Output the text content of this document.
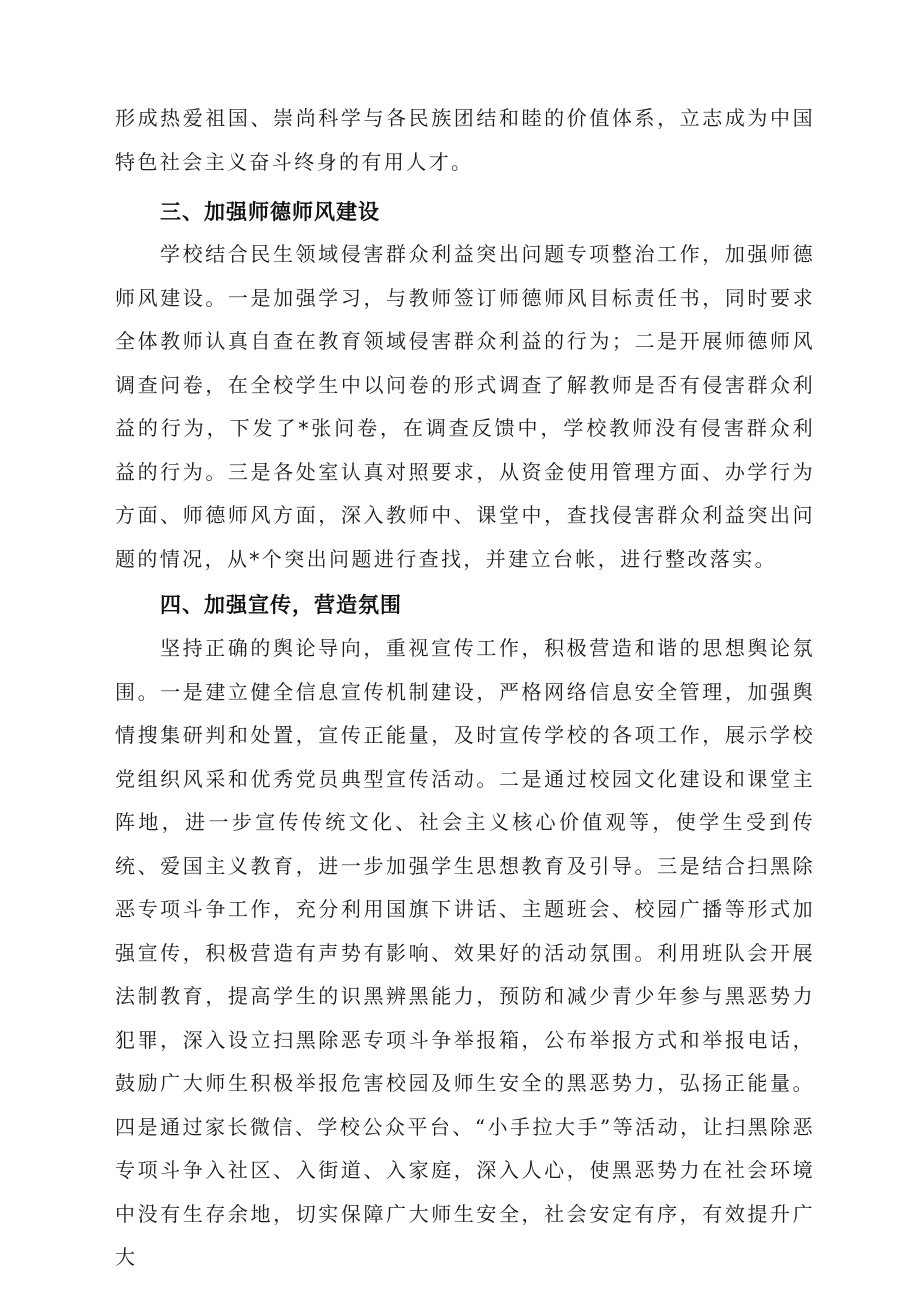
形成热爱祖国、崇尚科学与各民族团结和睦的价值体系，立志成为中国特色社会主义奋斗终身的有用人才。

三、加强师德师风建设

学校结合民生领域侵害群众利益突出问题专项整治工作，加强师德师风建设。一是加强学习，与教师签订师德师风目标责任书，同时要求全体教师认真自查在教育领域侵害群众利益的行为；二是开展师德师风调查问卷，在全校学生中以问卷的形式调查了解教师是否有侵害群众利益的行为，下发了*张问卷，在调查反馈中，学校教师没有侵害群众利益的行为。三是各处室认真对照要求，从资金使用管理方面、办学行为方面、师德师风方面，深入教师中、课堂中，查找侵害群众利益突出问题的情况，从*个突出问题进行查找，并建立台帐，进行整改落实。

四、加强宣传，营造氛围

坚持正确的舆论导向，重视宣传工作，积极营造和谐的思想舆论氛围。一是建立健全信息宣传机制建设，严格网络信息安全管理，加强舆情搜集研判和处置，宣传正能量，及时宣传学校的各项工作，展示学校党组织风采和优秀党员典型宣传活动。二是通过校园文化建设和课堂主阵地，进一步宣传传统文化、社会主义核心价值观等，使学生受到传统、爱国主义教育，进一步加强学生思想教育及引导。三是结合扫黑除恶专项斗争工作，充分利用国旗下讲话、主题班会、校园广播等形式加强宣传，积极营造有声势有影响、效果好的活动氛围。利用班队会开展法制教育，提高学生的识黑辨黑能力，预防和减少青少年参与黑恶势力犯罪，深入设立扫黑除恶专项斗争举报箱，公布举报方式和举报电话，鼓励广大师生积极举报危害校园及师生安全的黑恶势力，弘扬正能量。四是通过家长微信、学校公众平台、“小手拉大手”等活动，让扫黑除恶专项斗争入社区、入街道、入家庭，深入人心，使黑恶势力在社会环境中没有生存余地，切实保障广大师生安全，社会安定有序，有效提升广大
